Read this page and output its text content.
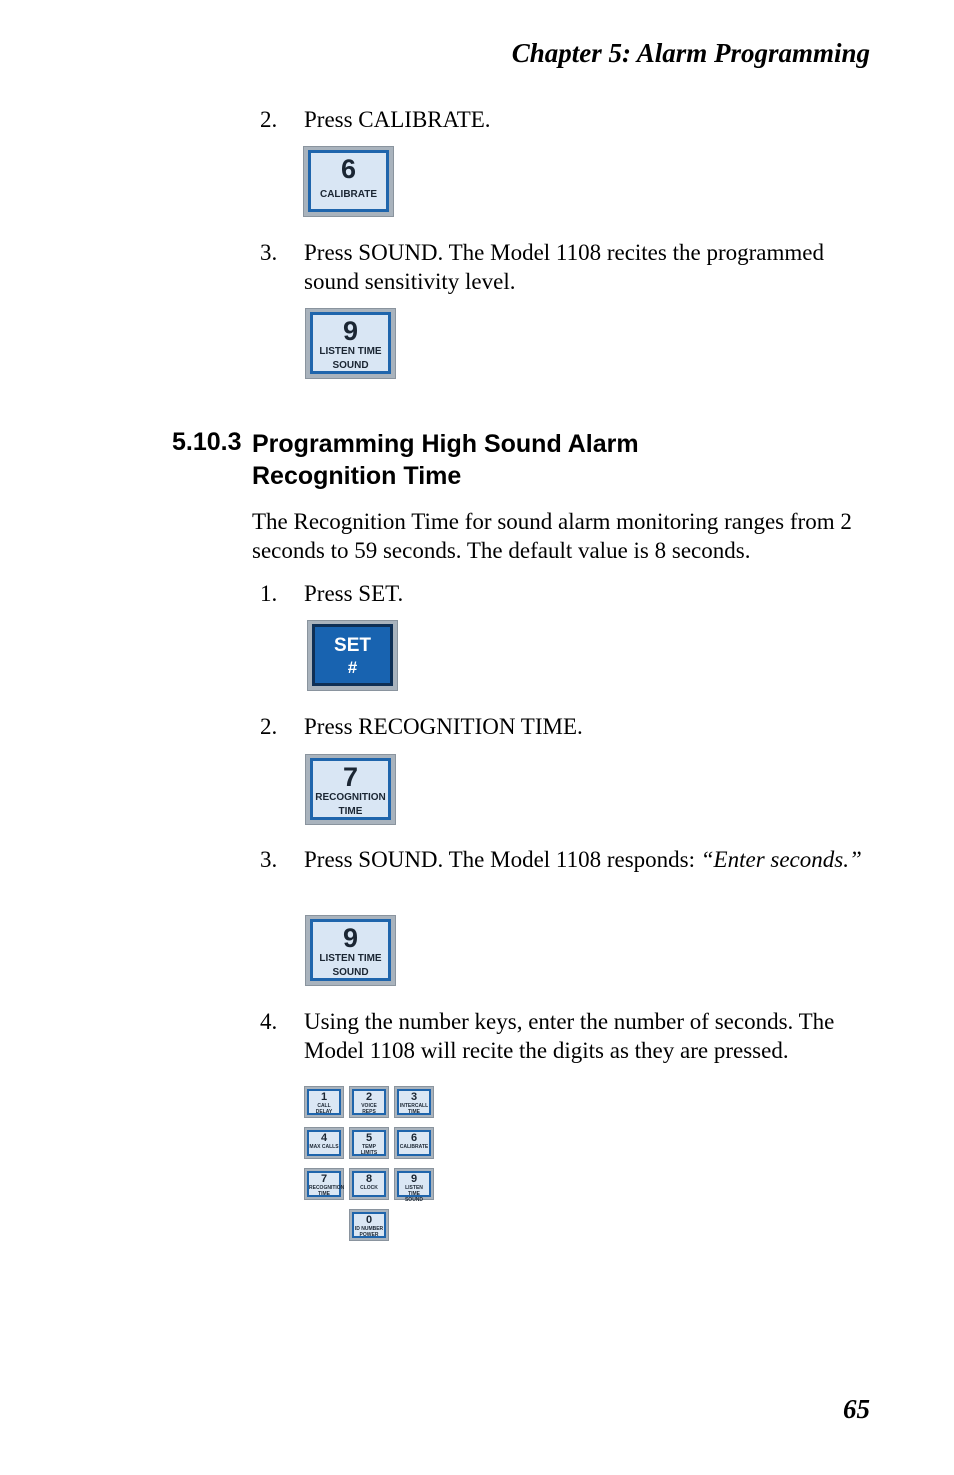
Chapter 5: Alarm Programming
2.	Press CALIBRATE.
6
CALIBRATE
3.	Press SOUND. The Model 1108 recites the programmed sound sensitivity level.
9
LISTEN TIME
SOUND
5.10.3 Programming High Sound Alarm Recognition Time
The Recognition Time for sound alarm monitoring ranges from 2 seconds to 59 seconds. The default value is 8 seconds.
1.	Press SET.
SET
#
2.	Press RECOGNITION TIME.
7
RECOGNITION
TIME
3.	Press SOUND. The Model 1108 responds: “Enter seconds.”
9
LISTEN TIME
SOUND
4.	Using the number keys, enter the number of seconds. The Model 1108 will recite the digits as they are pressed.
1
CALL
DELAY
2
VOICE
REPS
3
INTERCALL
TIME
4
MAX CALLS
5
TEMP LIMITS
6
CALIBRATE
7
RECOGNITION
TIME
8
CLOCK
9
LISTEN TIME
SOUND
0
ID NUMBER
POWER
65
